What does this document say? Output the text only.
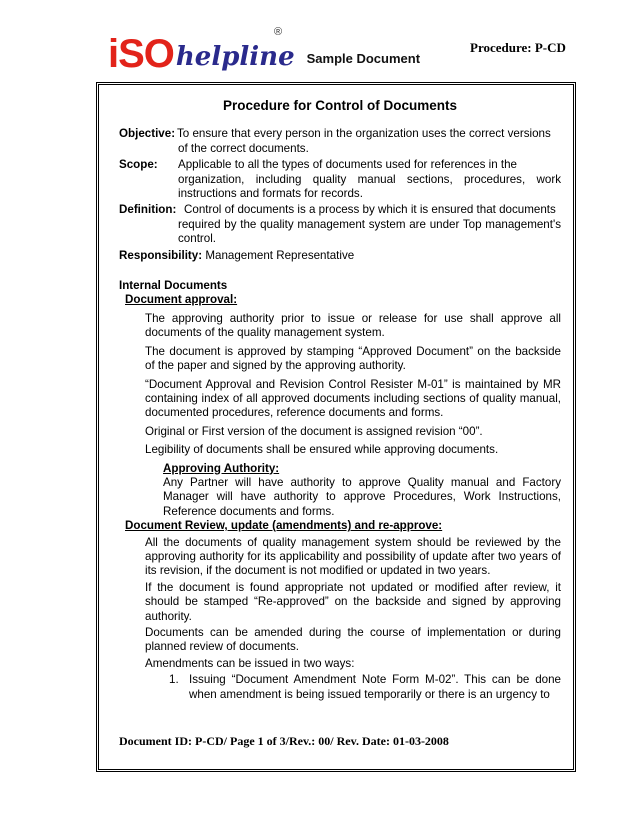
iSO helpline
®
Sample Document
Procedure: P-CD
Procedure for Control of Documents
Objective: To ensure that every person in the organization uses the correct versions
of the correct documents.
Scope:	Applicable to all the types of documents used for references in the
organization, including quality manual sections, procedures, work instructions and formats for records.
Definition: Control of documents is a process by which it is ensured that documents
required by the quality management system are under Top management's control.
Responsibility: Management Representative
Internal Documents
Document approval:
The approving authority prior to issue or release for use shall approve all documents of the quality management system.
The document is approved by stamping “Approved Document” on the backside of the paper and signed by the approving authority.
“Document Approval and Revision Control Resister M-01” is maintained by MR containing index of all approved documents including sections of quality manual, documented procedures, reference documents and forms.
Original or First version of the document is assigned revision “00”.
Legibility of documents shall be ensured while approving documents.
Approving Authority:
Any Partner will have authority to approve Quality manual and Factory Manager will have authority to approve Procedures, Work Instructions, Reference documents and forms.
Document Review, update (amendments) and re-approve:
All the documents of quality management system should be reviewed by the approving authority for its applicability and possibility of update after two years of its revision, if the document is not modified or updated in two years.
If the document is found appropriate not updated or modified after review, it should be stamped “Re-approved” on the backside and signed by approving authority.
Documents can be amended during the course of implementation or during planned review of documents.
Amendments can be issued in two ways:
1. Issuing “Document Amendment Note Form M-02”. This can be done when amendment is being issued temporarily or there is an urgency to
Document ID: P-CD/ Page 1 of 3/Rev.: 00/ Rev. Date: 01-03-2008
